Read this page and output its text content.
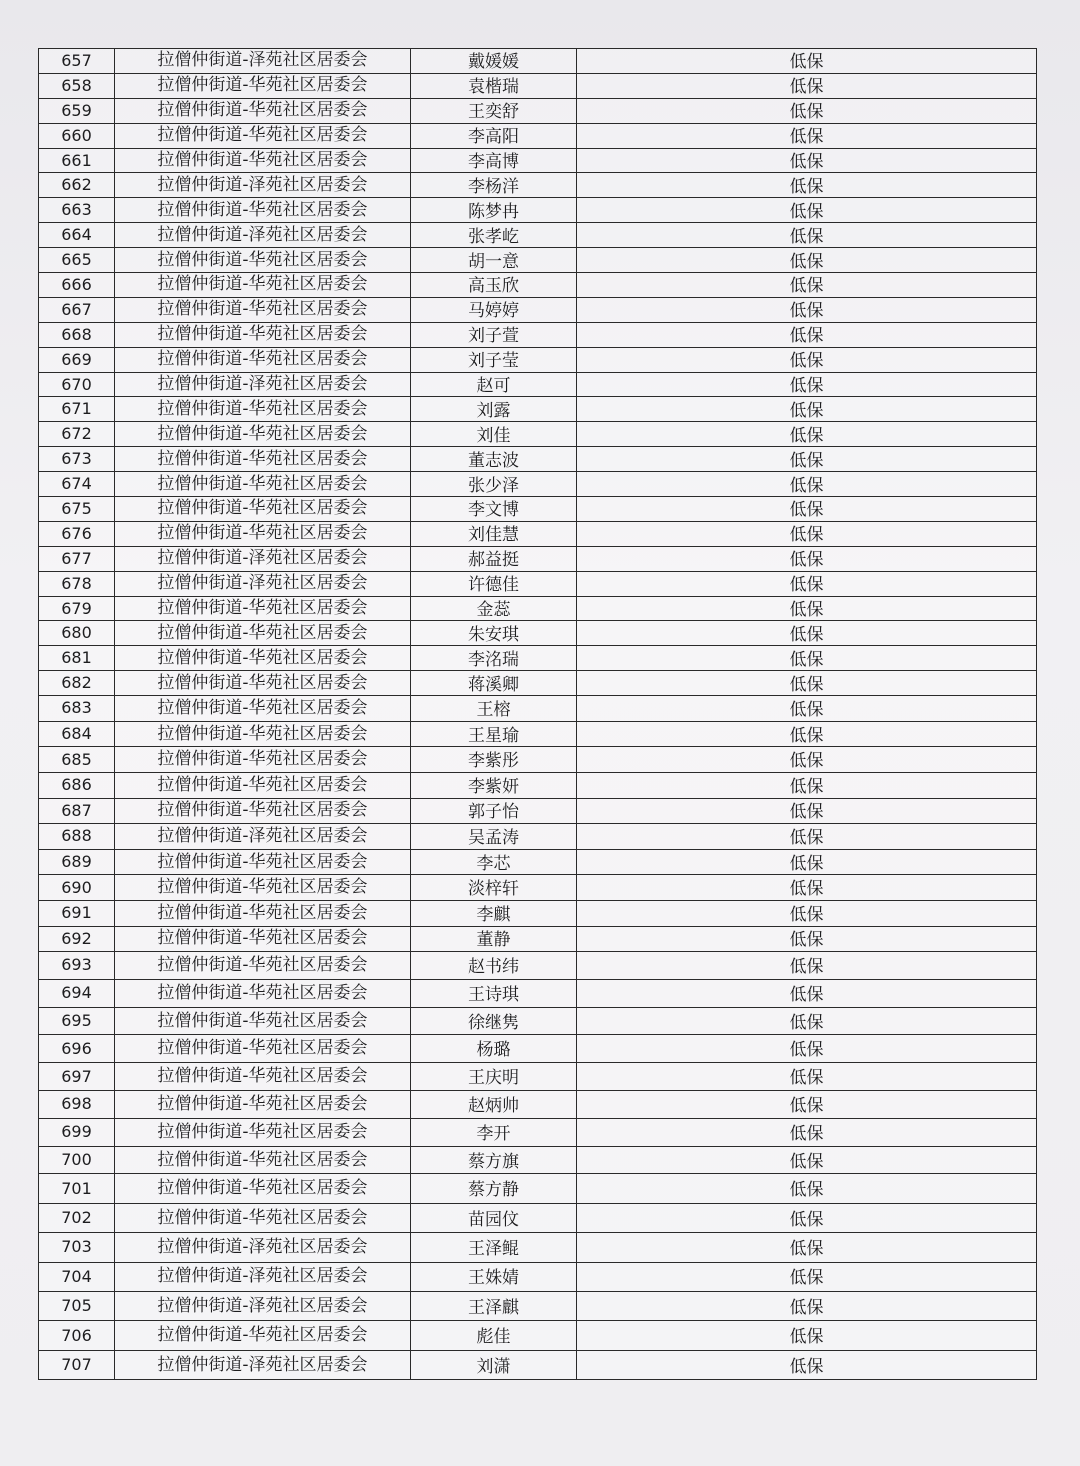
657	拉僧仲街道-泽苑社区居委会	戴媛媛	低保
658	拉僧仲街道-华苑社区居委会	袁楷瑞	低保
659	拉僧仲街道-华苑社区居委会	王奕舒	低保
660	拉僧仲街道-华苑社区居委会	李高阳	低保
661	拉僧仲街道-华苑社区居委会	李高博	低保
662	拉僧仲街道-泽苑社区居委会	李杨洋	低保
663	拉僧仲街道-华苑社区居委会	陈梦冉	低保
664	拉僧仲街道-泽苑社区居委会	张孝屹	低保
665	拉僧仲街道-华苑社区居委会	胡一意	低保
666	拉僧仲街道-华苑社区居委会	高玉欣	低保
667	拉僧仲街道-华苑社区居委会	马婷婷	低保
668	拉僧仲街道-华苑社区居委会	刘子萱	低保
669	拉僧仲街道-华苑社区居委会	刘子莹	低保
670	拉僧仲街道-泽苑社区居委会	赵可	低保
671	拉僧仲街道-华苑社区居委会	刘露	低保
672	拉僧仲街道-华苑社区居委会	刘佳	低保
673	拉僧仲街道-华苑社区居委会	董志波	低保
674	拉僧仲街道-华苑社区居委会	张少泽	低保
675	拉僧仲街道-华苑社区居委会	李文博	低保
676	拉僧仲街道-华苑社区居委会	刘佳慧	低保
677	拉僧仲街道-泽苑社区居委会	郝益挺	低保
678	拉僧仲街道-泽苑社区居委会	许德佳	低保
679	拉僧仲街道-华苑社区居委会	金蕊	低保
680	拉僧仲街道-华苑社区居委会	朱安琪	低保
681	拉僧仲街道-华苑社区居委会	李洺瑞	低保
682	拉僧仲街道-华苑社区居委会	蒋溪卿	低保
683	拉僧仲街道-华苑社区居委会	王榕	低保
684	拉僧仲街道-华苑社区居委会	王星瑜	低保
685	拉僧仲街道-华苑社区居委会	李紫彤	低保
686	拉僧仲街道-华苑社区居委会	李紫妍	低保
687	拉僧仲街道-华苑社区居委会	郭子怡	低保
688	拉僧仲街道-泽苑社区居委会	吴孟涛	低保
689	拉僧仲街道-华苑社区居委会	李芯	低保
690	拉僧仲街道-华苑社区居委会	淡梓轩	低保
691	拉僧仲街道-华苑社区居委会	李麒	低保
692	拉僧仲街道-华苑社区居委会	董静	低保
693	拉僧仲街道-华苑社区居委会	赵书纬	低保
694	拉僧仲街道-华苑社区居委会	王诗琪	低保
695	拉僧仲街道-华苑社区居委会	徐继隽	低保
696	拉僧仲街道-华苑社区居委会	杨璐	低保
697	拉僧仲街道-华苑社区居委会	王庆明	低保
698	拉僧仲街道-华苑社区居委会	赵炳帅	低保
699	拉僧仲街道-华苑社区居委会	李开	低保
700	拉僧仲街道-华苑社区居委会	蔡方旗	低保
701	拉僧仲街道-华苑社区居委会	蔡方静	低保
702	拉僧仲街道-华苑社区居委会	苗园伩	低保
703	拉僧仲街道-泽苑社区居委会	王泽鲲	低保
704	拉僧仲街道-泽苑社区居委会	王姝婧	低保
705	拉僧仲街道-泽苑社区居委会	王泽麒	低保
706	拉僧仲街道-华苑社区居委会	彪佳	低保
707	拉僧仲街道-泽苑社区居委会	刘潇	低保
